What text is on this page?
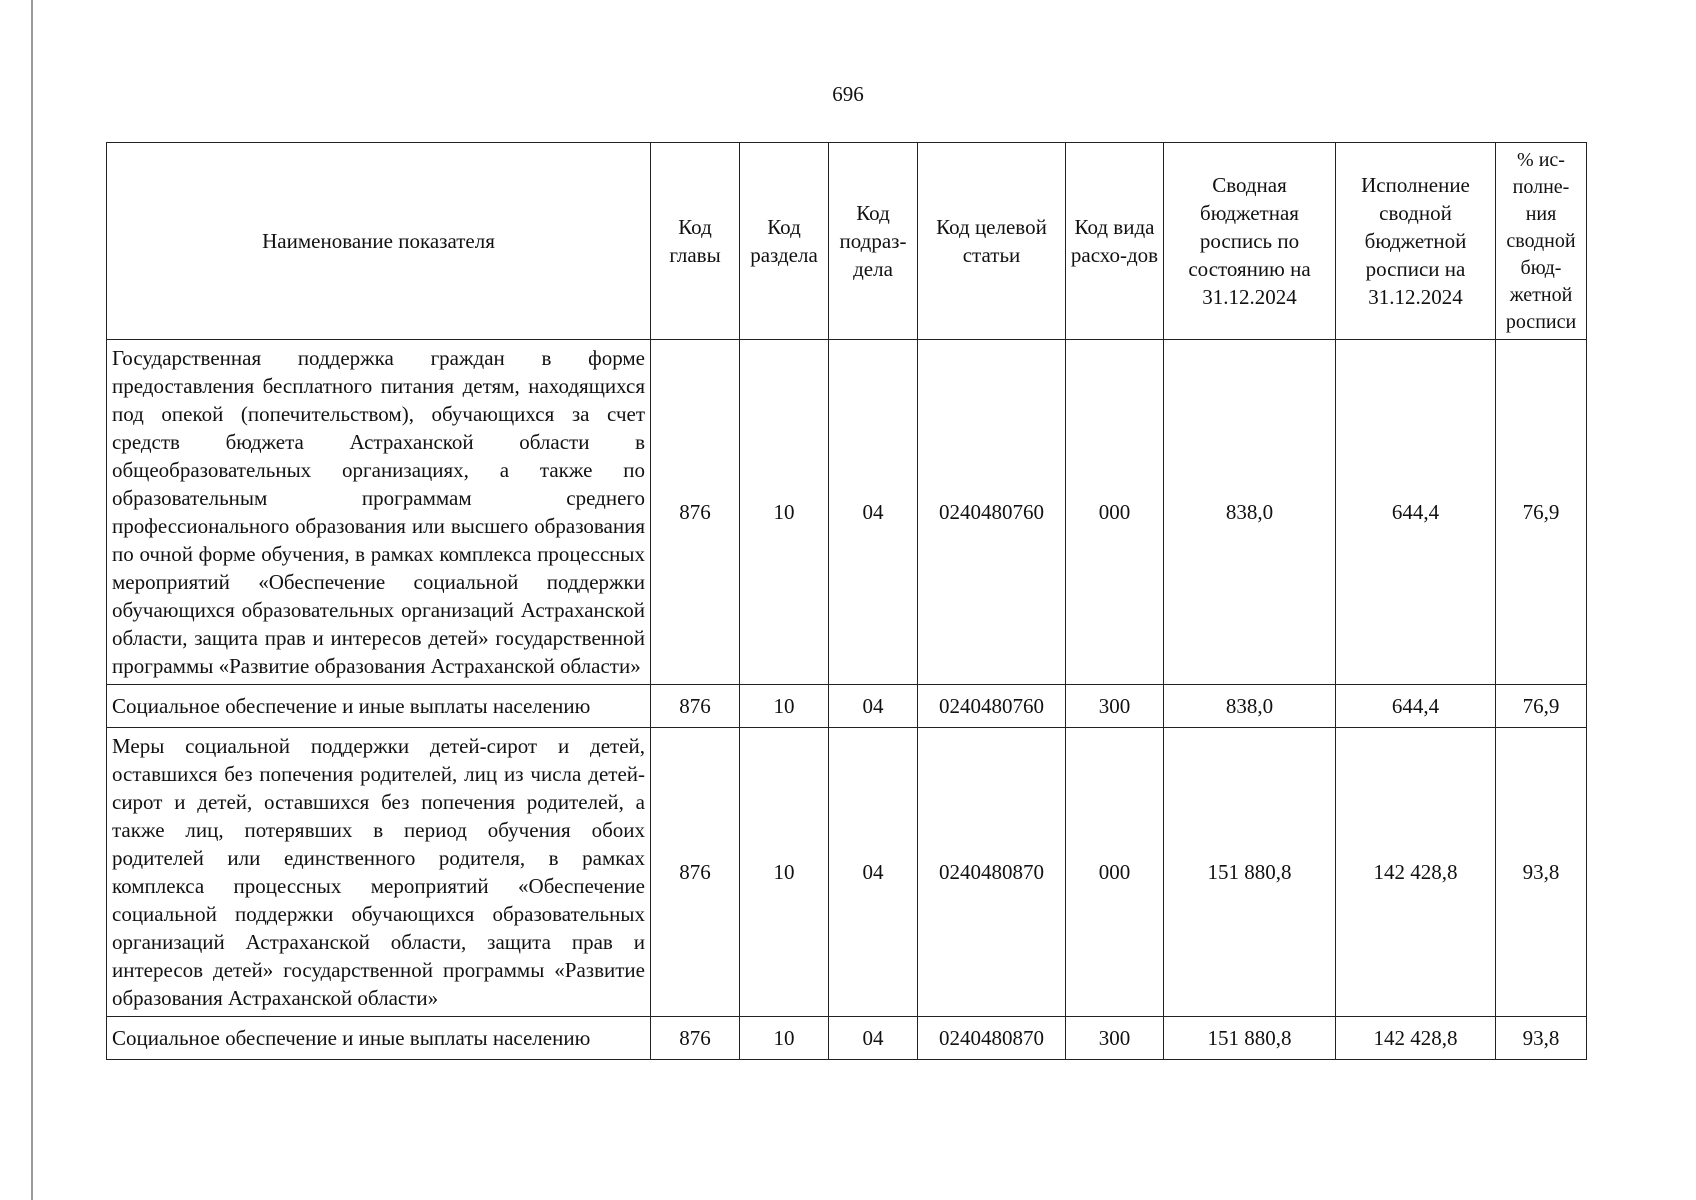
696
Наименование показателя	Код главы	Код раздела	Код подраз-дела	Код целевой статьи	Код вида расхо-дов	Сводная бюджетная роспись по состоянию на 31.12.2024	Исполнение сводной бюджетной росписи на 31.12.2024	% ис-полне-ния сводной бюд-жетной росписи
Государственная поддержка граждан в форме предоставления бесплатного питания детям, находящихся под опекой (попечительством), обучающихся за счет средств бюджета Астраханской области в общеобразовательных организациях, а также по образовательным программам среднего профессионального образования или высшего образования по очной форме обучения, в рамках комплекса процессных мероприятий «Обеспечение социальной поддержки обучающихся образовательных организаций Астраханской области, защита прав и интересов детей» государственной программы «Развитие образования Астраханской области»	876	10	04	0240480760	000	838,0	644,4	76,9
Социальное обеспечение и иные выплаты населению	876	10	04	0240480760	300	838,0	644,4	76,9
Меры социальной поддержки детей-сирот и детей, оставшихся без попечения родителей, лиц из числа детей-сирот и детей, оставшихся без попечения родителей, а также лиц, потерявших в период обучения обоих родителей или единственного родителя, в рамках комплекса процессных мероприятий «Обеспечение социальной поддержки обучающихся образовательных организаций Астраханской области, защита прав и интересов детей» государственной программы «Развитие образования Астраханской области»	876	10	04	0240480870	000	151 880,8	142 428,8	93,8
Социальное обеспечение и иные выплаты населению	876	10	04	0240480870	300	151 880,8	142 428,8	93,8
